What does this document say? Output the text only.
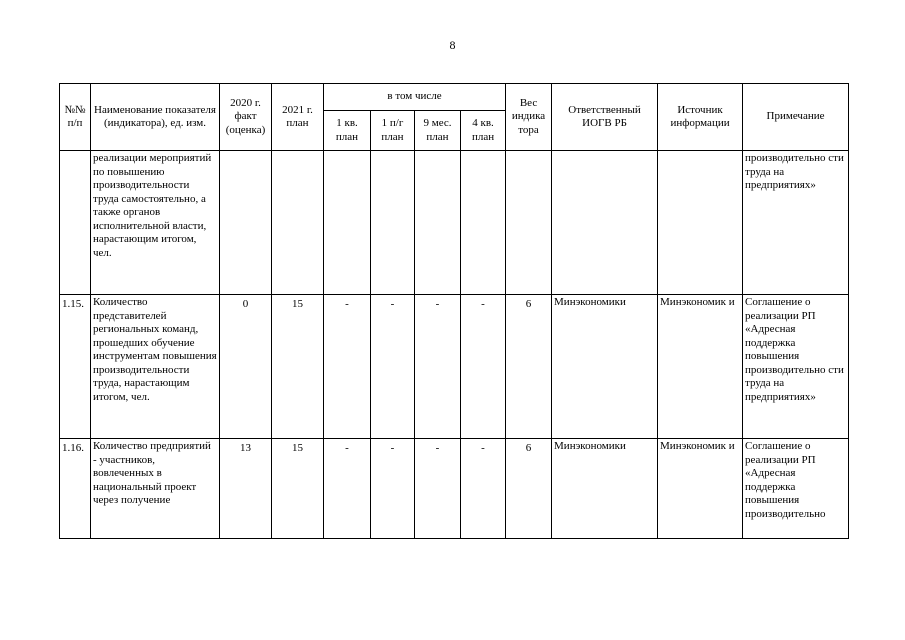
8
№№ п/п	Наименование показателя (индикатора), ед. изм.	2020 г. факт (оценка)	2021 г. план	в том числе				Вес индика тора	Ответственный ИОГВ РБ	Источник информации	Примечание
				1 кв. план	1 п/г план	9 мес. план	4 кв. план				
	реализации мероприятий по повышению производительности труда самостоятельно, а также органов исполнительной власти, нарастающим итогом, чел.										производительно сти труда на предприятиях»
1.15.	Количество представителей региональных команд, прошедших обучение инструментам повышения производительности труда, нарастающим итогом, чел.	0	15	-	-	-	-	6	Минэкономики	Минэкономик и	Соглашение о реализации РП «Адресная поддержка повышения производительно сти труда на предприятиях»
1.16.	Количество предприятий - участников, вовлеченных в национальный проект через получение	13	15	-	-	-	-	6	Минэкономики	Минэкономик и	Соглашение о реализации РП «Адресная поддержка повышения производительно
